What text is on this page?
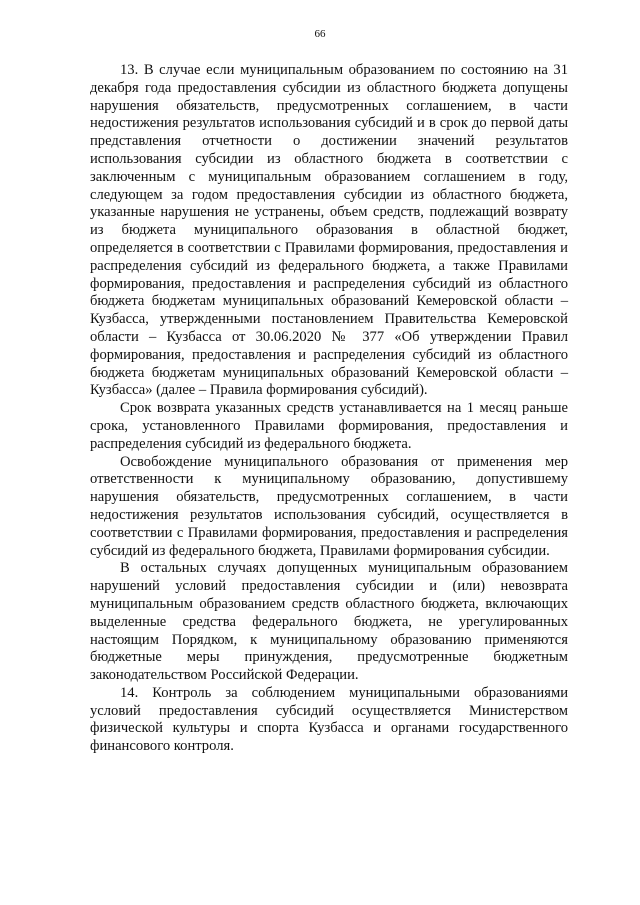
66

13. В случае если муниципальным образованием по состоянию на 31 декабря года предоставления субсидии из областного бюджета допущены нарушения обязательств, предусмотренных соглашением, в части недостижения результатов использования субсидий и в срок до первой даты представления отчетности о достижении значений результатов использования субсидии из областного бюджета в соответствии с заключенным с муниципальным образованием соглашением в году, следующем за годом предоставления субсидии из областного бюджета, указанные нарушения не устранены, объем средств, подлежащий возврату из бюджета муниципального образования в областной бюджет, определяется в соответствии с Правилами формирования, предоставления и распределения субсидий из федерального бюджета, а также Правилами формирования, предоставления и распределения субсидий из областного бюджета бюджетам муниципальных образований Кемеровской области – Кузбасса, утвержденными постановлением Правительства Кемеровской области – Кузбасса от 30.06.2020 № 377 «Об утверждении Правил формирования, предоставления и распределения субсидий из областного бюджета бюджетам муниципальных образований Кемеровской области – Кузбасса» (далее – Правила формирования субсидий).

Срок возврата указанных средств устанавливается на 1 месяц раньше срока, установленного Правилами формирования, предоставления и распределения субсидий из федерального бюджета.

Освобождение муниципального образования от применения мер ответственности к муниципальному образованию, допустившему нарушения обязательств, предусмотренных соглашением, в части недостижения результатов использования субсидий, осуществляется в соответствии с Правилами формирования, предоставления и распределения субсидий из федерального бюджета, Правилами формирования субсидии.

В остальных случаях допущенных муниципальным образованием нарушений условий предоставления субсидии и (или) невозврата муниципальным образованием средств областного бюджета, включающих выделенные средства федерального бюджета, не урегулированных настоящим Порядком, к муниципальному образованию применяются бюджетные меры принуждения, предусмотренные бюджетным законодательством Российской Федерации.

14. Контроль за соблюдением муниципальными образованиями условий предоставления субсидий осуществляется Министерством физической культуры и спорта Кузбасса и органами государственного финансового контроля.
